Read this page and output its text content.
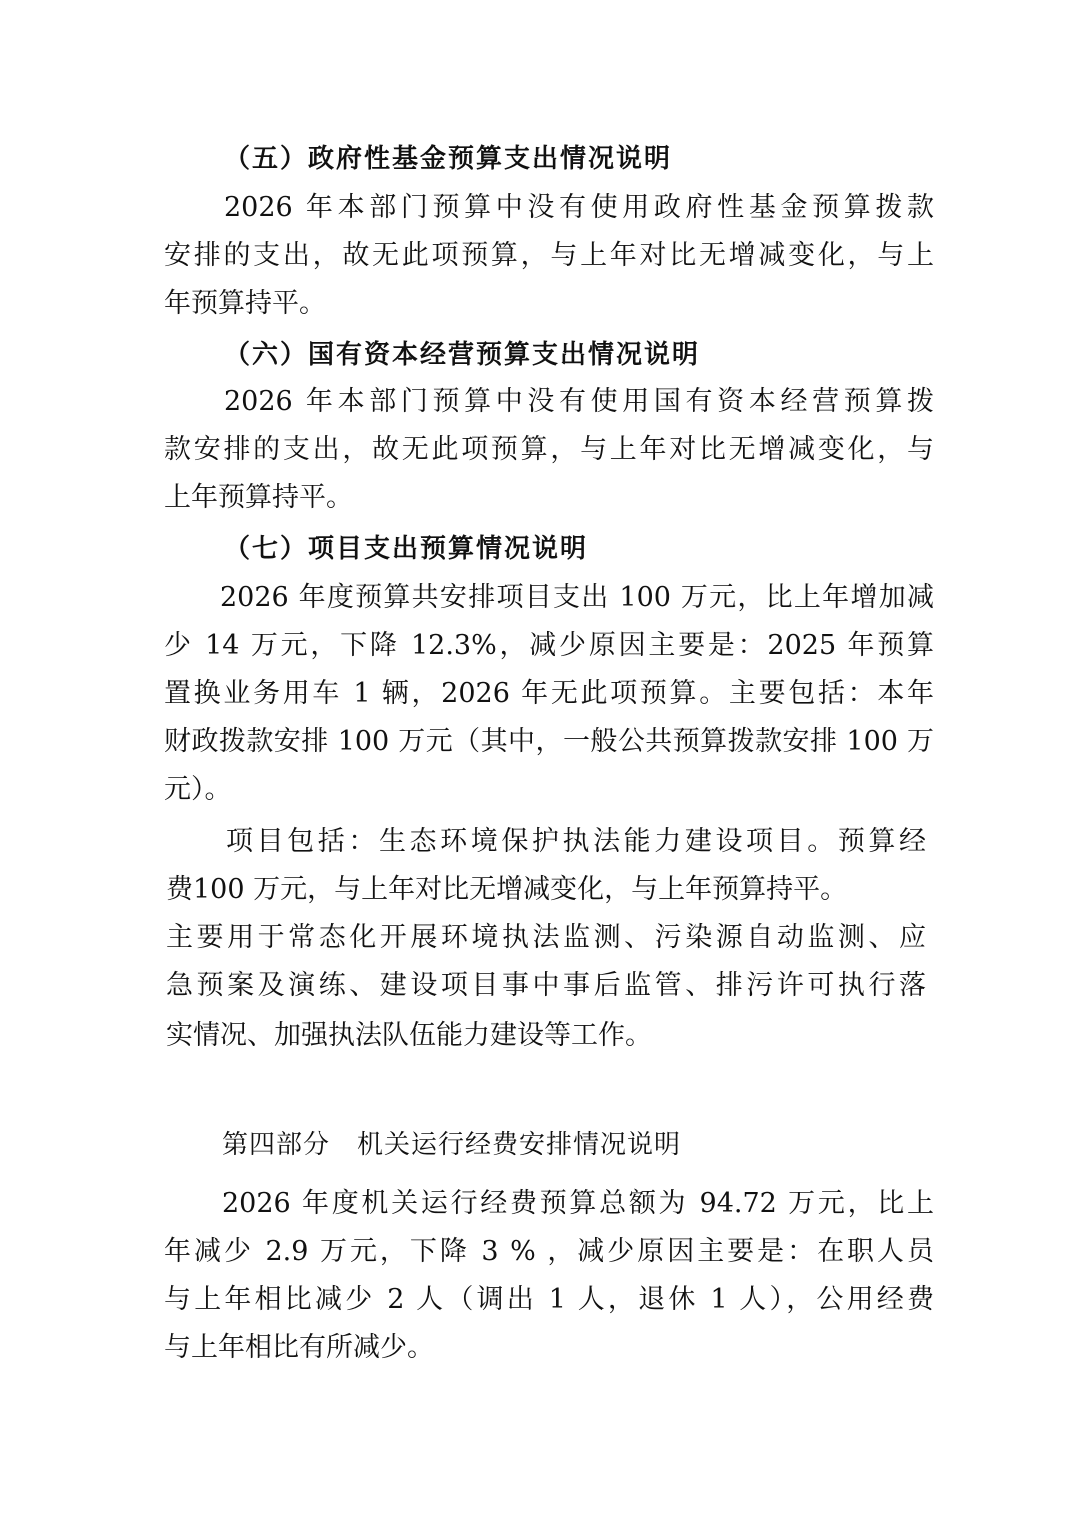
（五）政府性基金预算支出情况说明
2026 年本部门预算中没有使用政府性基金预算拨款
安排的支出，故无此项预算，与上年对比无增减变化，与上
年预算持平。
（六）国有资本经营预算支出情况说明
2026 年本部门预算中没有使用国有资本经营预算拨
款安排的支出，故无此项预算，与上年对比无增减变化，与
上年预算持平。
（七）项目支出预算情况说明
2026 年度预算共安排项目支出 100 万元，比上年增加减
少 14 万元，下降 12.3%，减少原因主要是：2025 年预算
置换业务用车 1 辆，2026 年无此项预算。主要包括：本年
财政拨款安排 100 万元（其中，一般公共预算拨款安排 100 万
元）。
项目包括：生态环境保护执法能力建设项目。预算经
费100 万元，与上年对比无增减变化，与上年预算持平。
主要用于常态化开展环境执法监测、污染源自动监测、应
急预案及演练、建设项目事中事后监管、排污许可执行落
实情况、加强执法队伍能力建设等工作。
第四部分　机关运行经费安排情况说明
2026 年度机关运行经费预算总额为 94.72 万元，比上
年减少 2.9 万元，下降 3 % ，减少原因主要是：在职人员
与上年相比减少 2 人（调出 1 人，退休 1 人），公用经费
与上年相比有所减少。
